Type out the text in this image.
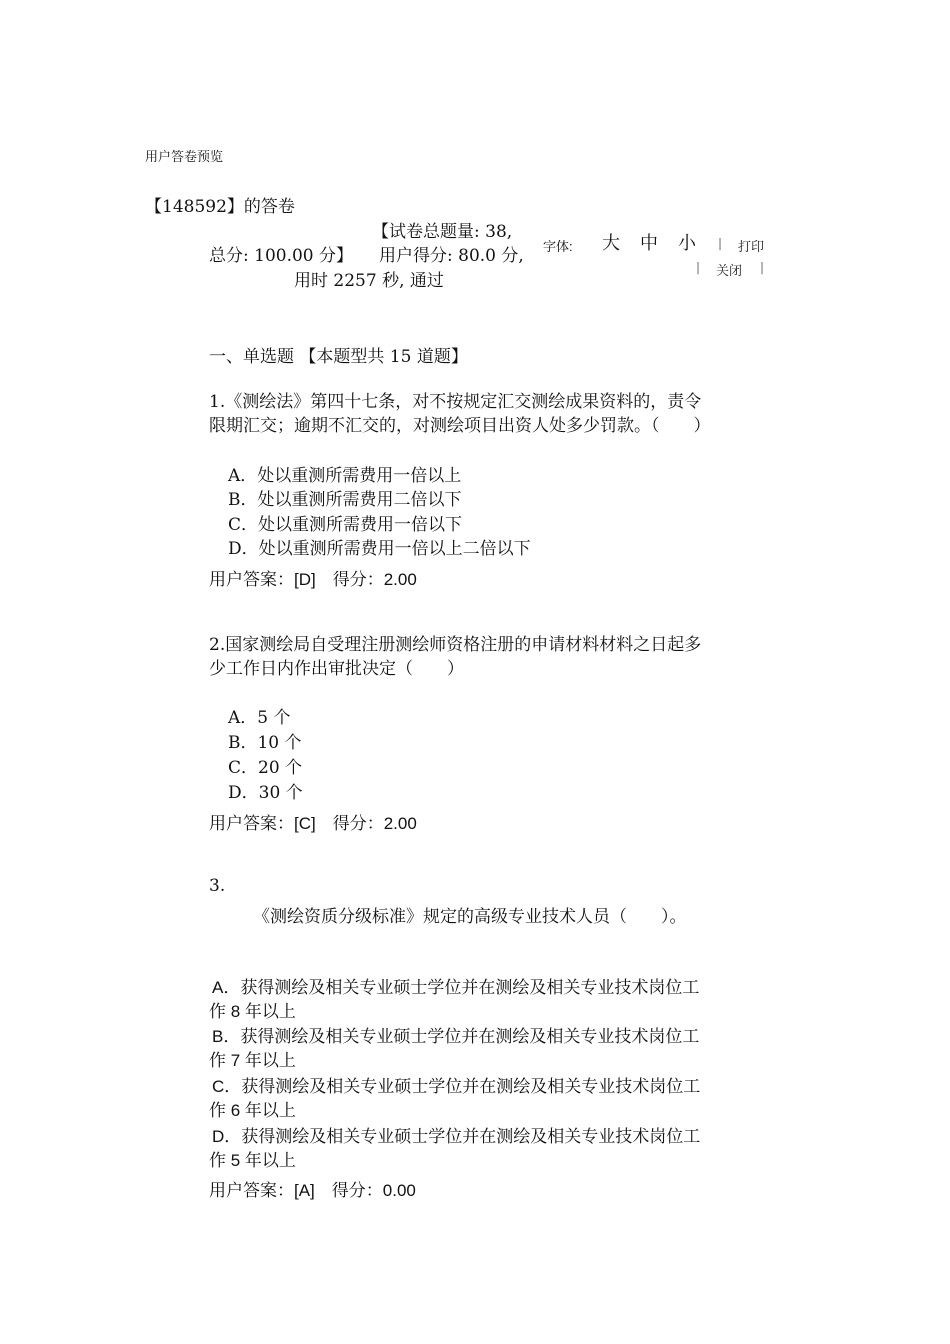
用户答卷预览
【148592】的答卷
【试卷总题量: 38,
总分: 100.00 分】 用户得分: 80.0 分,
用时 2257 秒, 通过
字体: 大 中 小 | 打印
| 关闭 |
一、单选题 【本题型共 15 道题】
1.《测绘法》第四十七条，对不按规定汇交测绘成果资料的，责令
限期汇交；逾期不汇交的，对测绘项目出资人处多少罚款。（　　）
A．处以重测所需费用一倍以上
B．处以重测所需费用二倍以下
C．处以重测所需费用一倍以下
D．处以重测所需费用一倍以上二倍以下
用户答案：[D]　得分：2.00
2.国家测绘局自受理注册测绘师资格注册的申请材料材料之日起多
少工作日内作出审批决定（　　）
A．5 个
B．10 个
C．20 个
D．30 个
用户答案：[C]　得分：2.00
3.
《测绘资质分级标准》规定的高级专业技术人员（　　）。
A．获得测绘及相关专业硕士学位并在测绘及相关专业技术岗位工
作 8 年以上
B．获得测绘及相关专业硕士学位并在测绘及相关专业技术岗位工
作 7 年以上
C．获得测绘及相关专业硕士学位并在测绘及相关专业技术岗位工
作 6 年以上
D．获得测绘及相关专业硕士学位并在测绘及相关专业技术岗位工
作 5 年以上
用户答案：[A]　得分：0.00
